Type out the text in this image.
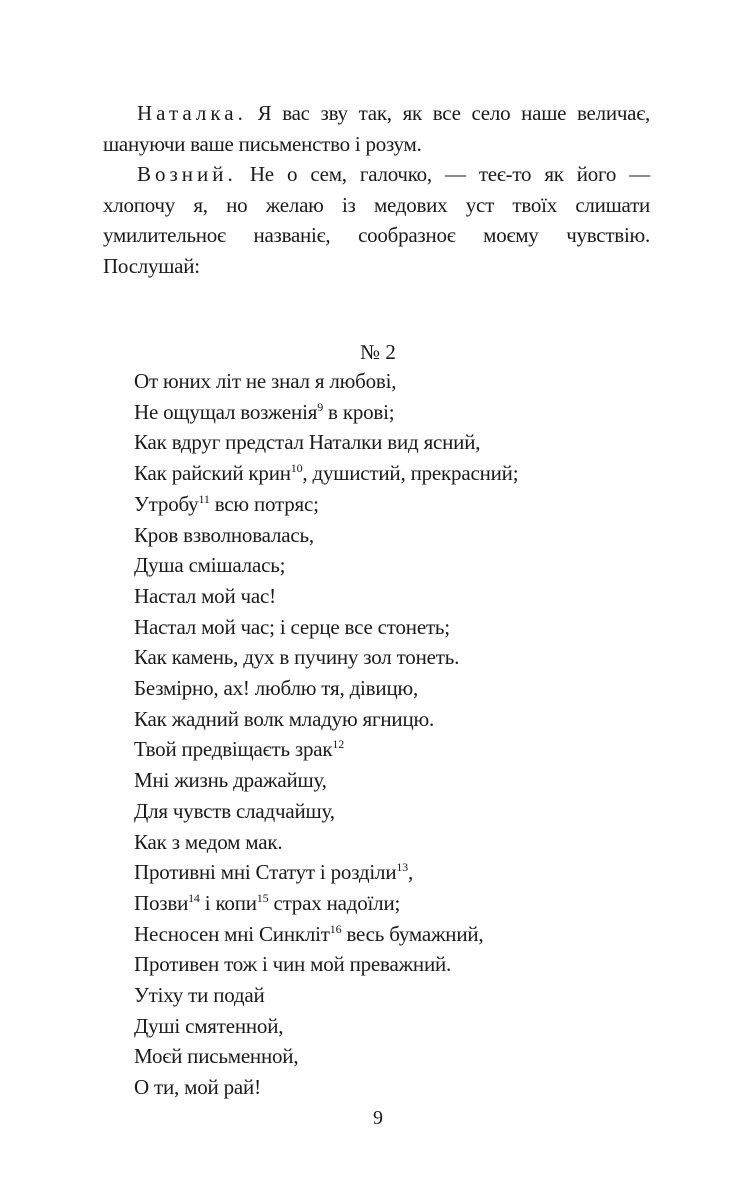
Наталка. Я вас зву так, як все село наше величає, шануючи ваше письменство і розум.

Возний. Не о сем, галочко, — теє-то як його — хлопочу я, но желаю із медових уст твоїх слишати умилительноє названіє, сообразноє моєму чувствію. Послушай:

№ 2
От юних літ не знал я любові,
Не ощущал возженія$^9$ в крові;
Как вдруг предстал Наталки вид ясний,
Как райский крин$^{10}$, душистий, прекрасний;
Утробу$^{11}$ всю потряс;
Кров взволновалась,
Душа смішалась;
Настал мой час!
Настал мой час; і серце все стонеть;
Как камень, дух в пучину зол тонеть.
Безмірно, ах! люблю тя, дівицю,
Как жадний волк младую ягницю.
Твой предвіщаєть зрак$^{12}$
Мні жизнь дражайшу,
Для чувств сладчайшу,
Как з медом мак.
Противні мні Статут і розділи$^{13}$,
Позви$^{14}$ і копи$^{15}$ страх надоїли;
Несносен мні Синкліт$^{16}$ весь бумажний,
Противен тож і чин мой преважний.
Утіху ти подай
Душі смятенной,
Моєй письменной,
О ти, мой рай!
9
